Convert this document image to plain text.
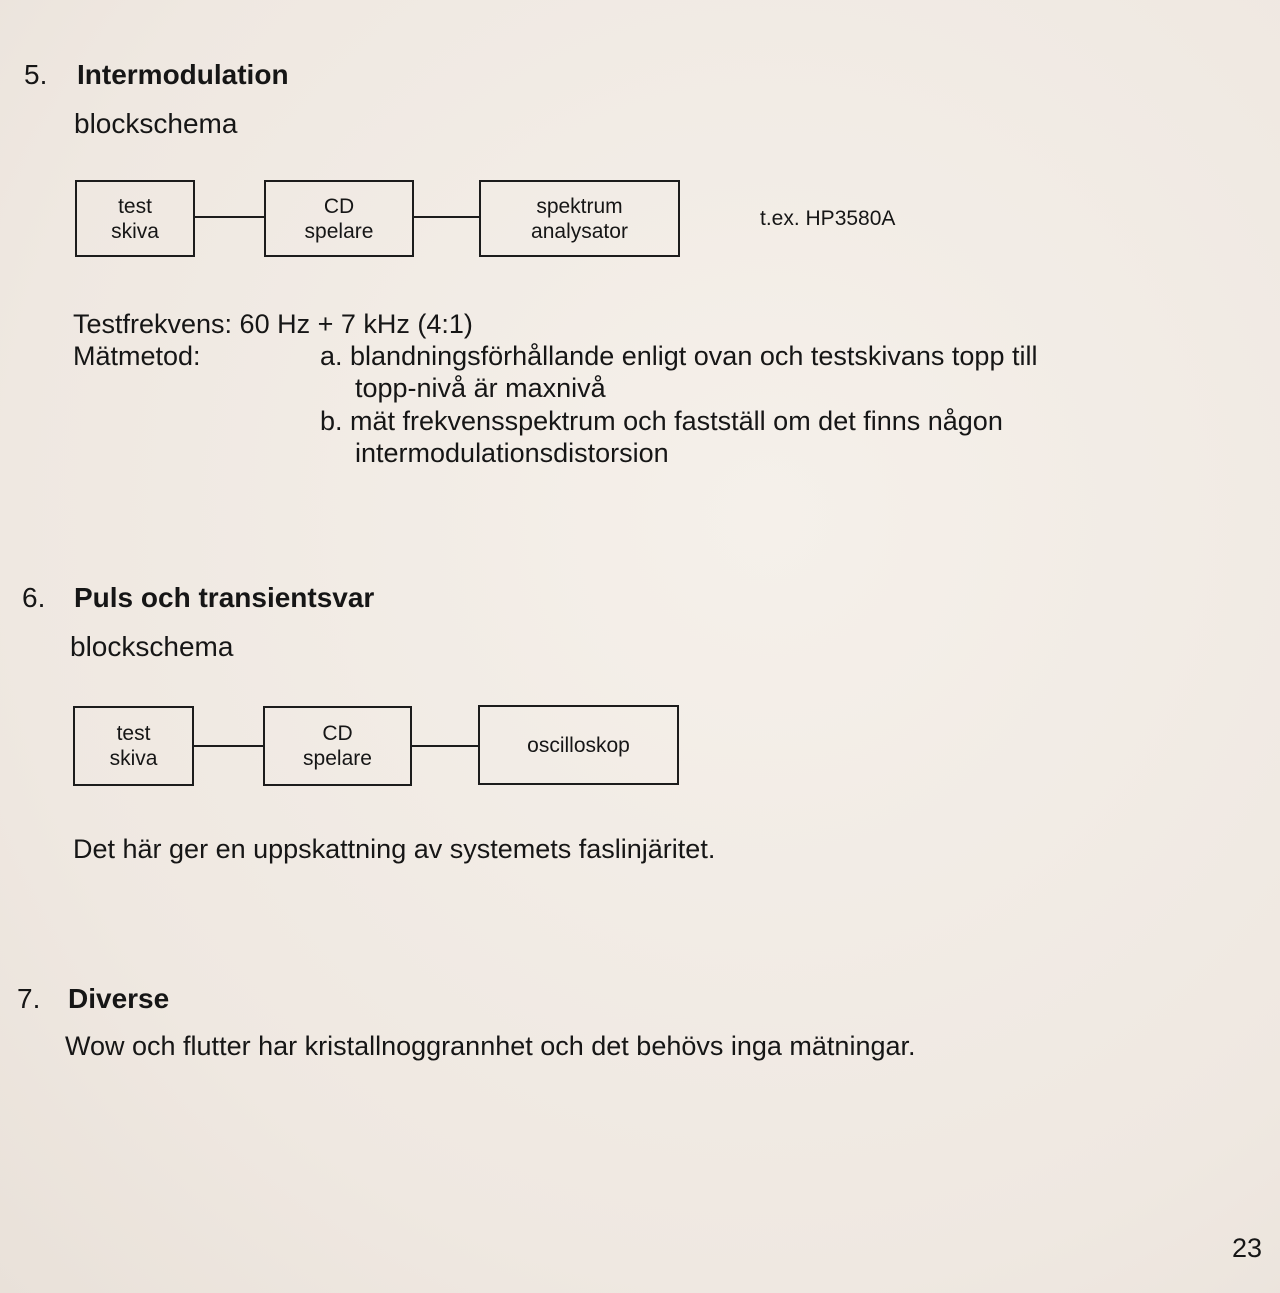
5. Intermodulation
blockschema
test
skiva
CD
spelare
spektrum
analysator
t.ex. HP3580A
Testfrekvens: 60 Hz + 7 kHz (4:1)
Mätmetod:	a. blandningsförhållande enligt ovan och testskivans topp till
topp-nivå är maxnivå
b. mät frekvensspektrum och fastställ om det finns någon
intermodulationsdistorsion
6. Puls och transientsvar
blockschema
test
skiva
CD
spelare
oscilloskop
Det här ger en uppskattning av systemets faslinjäritet.
7. Diverse
Wow och flutter har kristallnoggrannhet och det behövs inga mätningar.
23
